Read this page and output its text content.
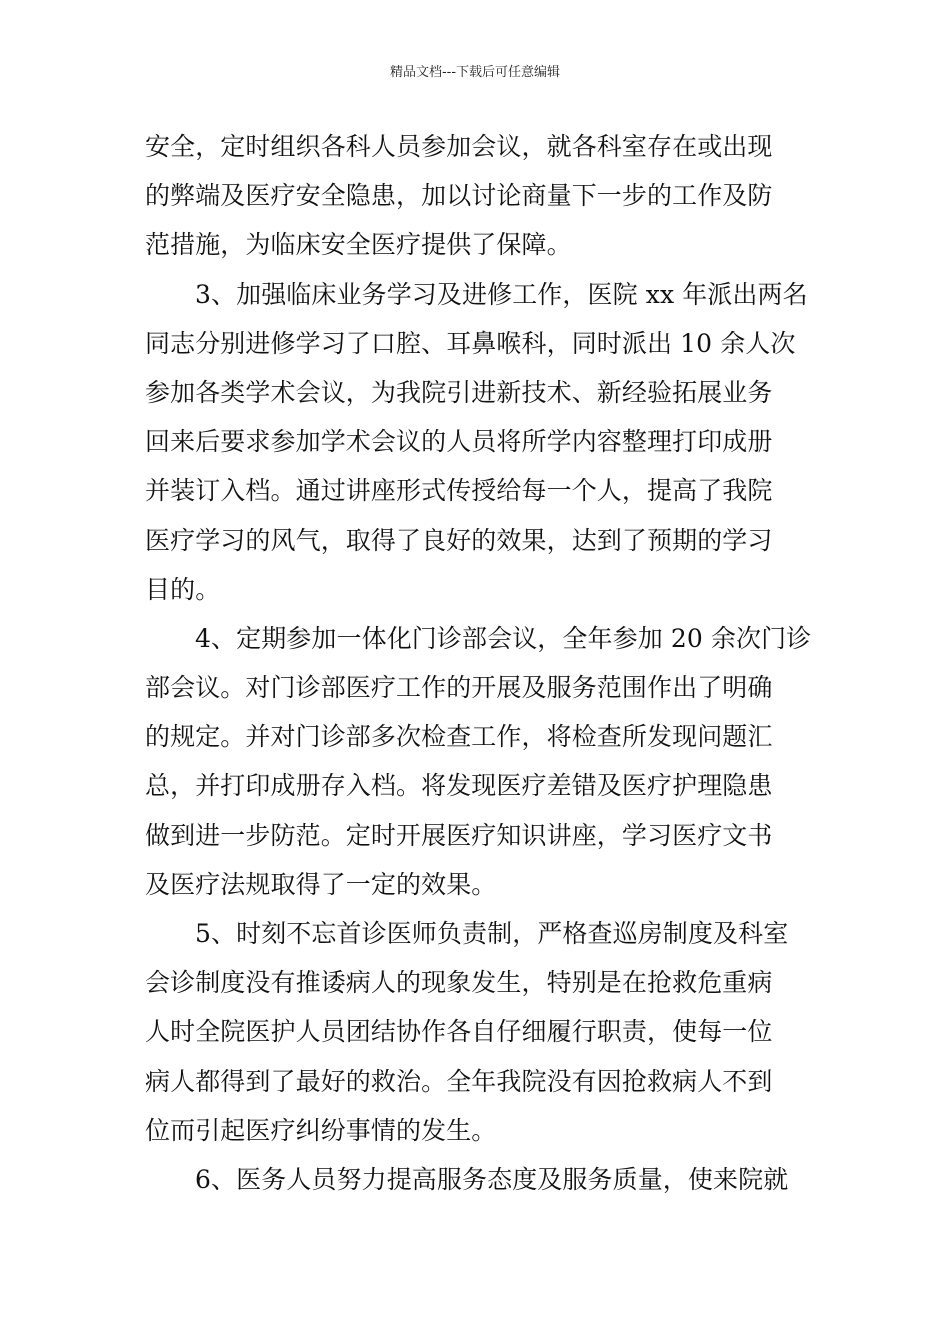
精品文档---下载后可任意编辑
安全，定时组织各科人员参加会议，就各科室存在或出现
的弊端及医疗安全隐患，加以讨论商量下一步的工作及防
范措施，为临床安全医疗提供了保障。
3、加强临床业务学习及进修工作，医院 xx 年派出两名
同志分别进修学习了口腔、耳鼻喉科，同时派出 10 余人次
参加各类学术会议，为我院引进新技术、新经验拓展业务
回来后要求参加学术会议的人员将所学内容整理打印成册
并装订入档。通过讲座形式传授给每一个人，提高了我院
医疗学习的风气，取得了良好的效果，达到了预期的学习
目的。
4、定期参加一体化门诊部会议，全年参加 20 余次门诊
部会议。对门诊部医疗工作的开展及服务范围作出了明确
的规定。并对门诊部多次检查工作，将检查所发现问题汇
总，并打印成册存入档。将发现医疗差错及医疗护理隐患
做到进一步防范。定时开展医疗知识讲座，学习医疗文书
及医疗法规取得了一定的效果。
5、时刻不忘首诊医师负责制，严格查巡房制度及科室
会诊制度没有推诿病人的现象发生，特别是在抢救危重病
人时全院医护人员团结协作各自仔细履行职责，使每一位
病人都得到了最好的救治。全年我院没有因抢救病人不到
位而引起医疗纠纷事情的发生。
6、医务人员努力提高服务态度及服务质量，使来院就
